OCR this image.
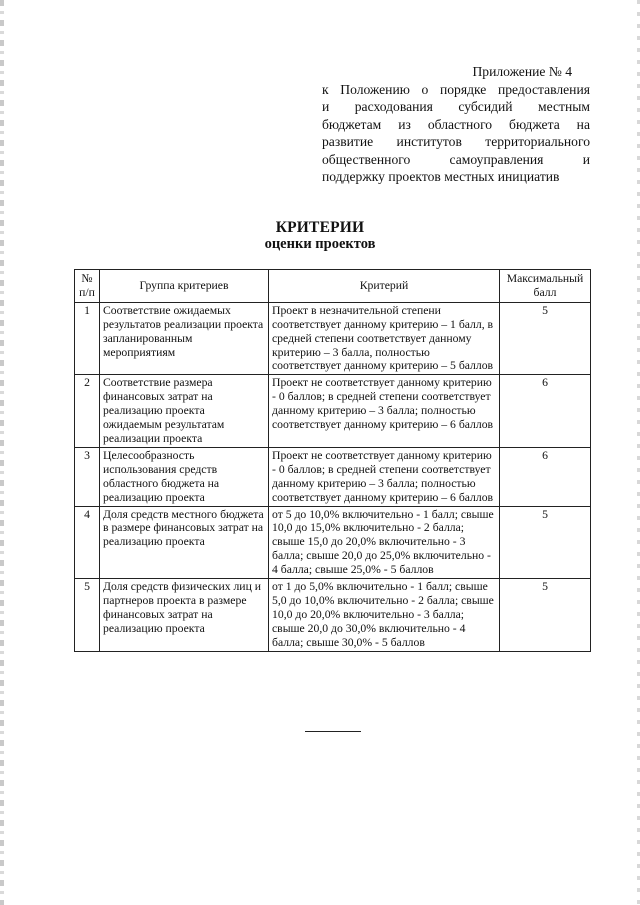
Приложение № 4
к Положению о порядке предоставления
и расходования субсидий местным
бюджетам из областного бюджета на
развитие институтов территориального
общественного самоуправления и
поддержку проектов местных инициатив
КРИТЕРИИ
оценки проектов
№ п/п	Группа критериев	Критерий	Максимальный балл
1	Соответствие ожидаемых результатов реализации проекта запланированным мероприятиям	Проект в незначительной степени соответствует данному критерию – 1 балл, в средней степени соответствует данному критерию – 3 балла, полностью соответствует данному критерию – 5 баллов	5
2	Соответствие размера финансовых затрат на реализацию проекта ожидаемым результатам реализации проекта	Проект не соответствует данному критерию - 0 баллов; в средней степени соответствует данному критерию – 3 балла; полностью соответствует данному критерию – 6 баллов	6
3	Целесообразность использования средств областного бюджета на реализацию проекта	Проект не соответствует данному критерию - 0 баллов; в средней степени соответствует данному критерию – 3 балла; полностью соответствует данному критерию – 6 баллов	6
4	Доля средств местного бюджета в размере финансовых затрат на реализацию проекта	от 5 до 10,0% включительно - 1 балл; свыше 10,0 до 15,0% включительно - 2 балла; свыше 15,0 до 20,0% включительно - 3 балла; свыше 20,0 до 25,0% включительно - 4 балла; свыше 25,0% - 5 баллов	5
5	Доля средств физических лиц и партнеров проекта в размере финансовых затрат на реализацию проекта	от 1 до 5,0% включительно - 1 балл; свыше 5,0 до 10,0% включительно - 2 балла; свыше 10,0 до 20,0% включительно - 3 балла; свыше 20,0 до 30,0% включительно - 4 балла; свыше 30,0% - 5 баллов	5
